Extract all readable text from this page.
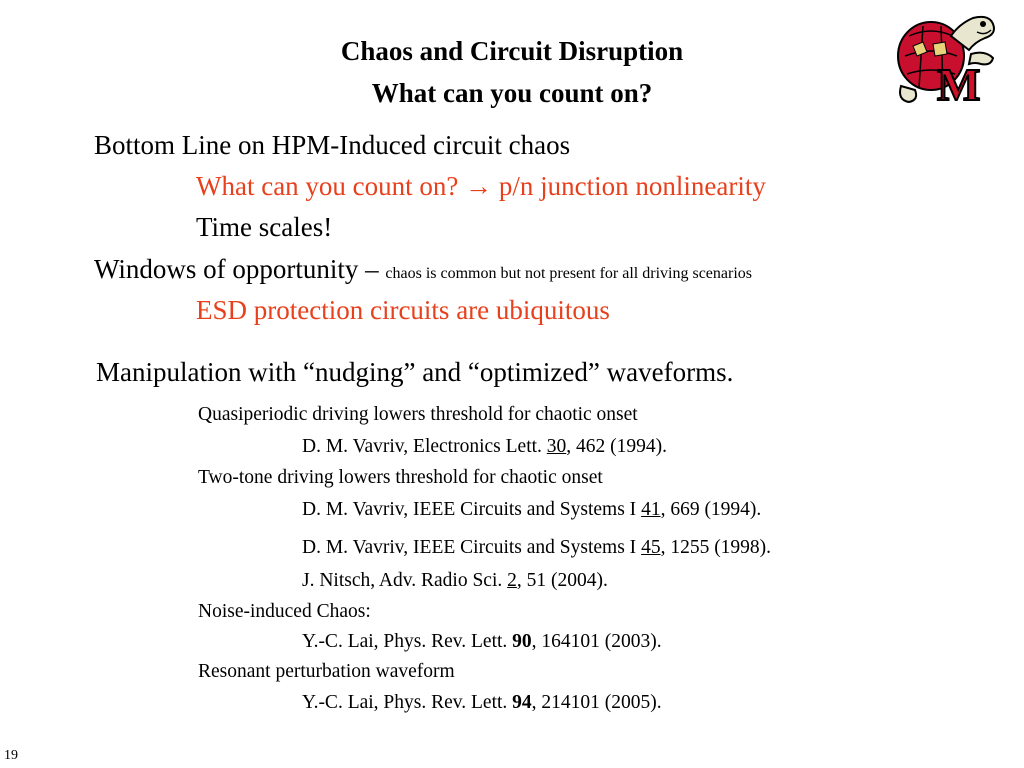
Chaos and Circuit Disruption
What can you count on?	M
Bottom Line on HPM-Induced circuit chaos
What can you count on? → p/n junction nonlinearity
Time scales!
Windows of opportunity – chaos is common but not present for all driving scenarios
ESD protection circuits are ubiquitous
Manipulation with “nudging” and “optimized” waveforms.
Quasiperiodic driving lowers threshold for chaotic onset
D. M. Vavriv, Electronics Lett. 30, 462 (1994).
Two-tone driving lowers threshold for chaotic onset
D. M. Vavriv, IEEE Circuits and Systems I 41, 669 (1994).
D. M. Vavriv, IEEE Circuits and Systems I 45, 1255 (1998).
J. Nitsch, Adv. Radio Sci. 2, 51 (2004).
Noise-induced Chaos:
Y.-C. Lai, Phys. Rev. Lett. 90, 164101 (2003).
Resonant perturbation waveform
Y.-C. Lai, Phys. Rev. Lett. 94, 214101 (2005).
19
